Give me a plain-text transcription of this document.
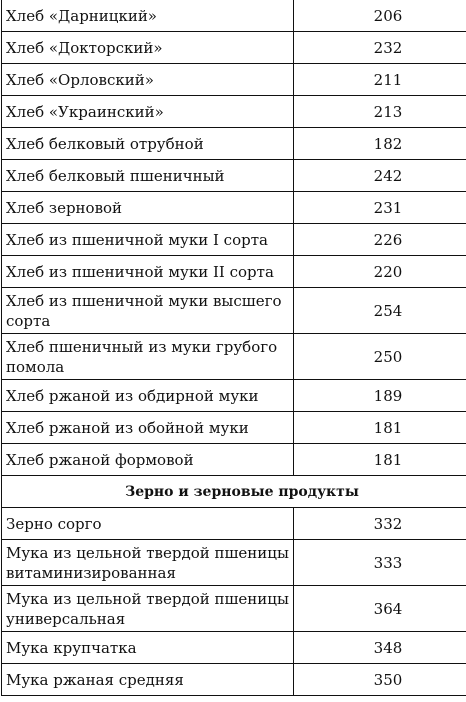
Хлеб «Дарницкий»	206
Хлеб «Докторский»	232
Хлеб «Орловский»	211
Хлеб «Украинский»	213
Хлеб белковый отрубной	182
Хлеб белковый пшеничный	242
Хлеб зерновой	231
Хлеб из пшеничной муки I сорта	226
Хлеб из пшеничной муки II сорта	220
Хлеб из пшеничной муки высшего сорта	254
Хлеб пшеничный из муки грубого помола	250
Хлеб ржаной из обдирной муки	189
Хлеб ржаной из обойной муки	181
Хлеб ржаной формовой	181
Зерно и зерновые продукты	
Зерно сорго	332
Мука из цельной твердой пшеницы витаминизированная	333
Мука из цельной твердой пшеницы универсальная	364
Мука крупчатка	348
Мука ржаная средняя	350
